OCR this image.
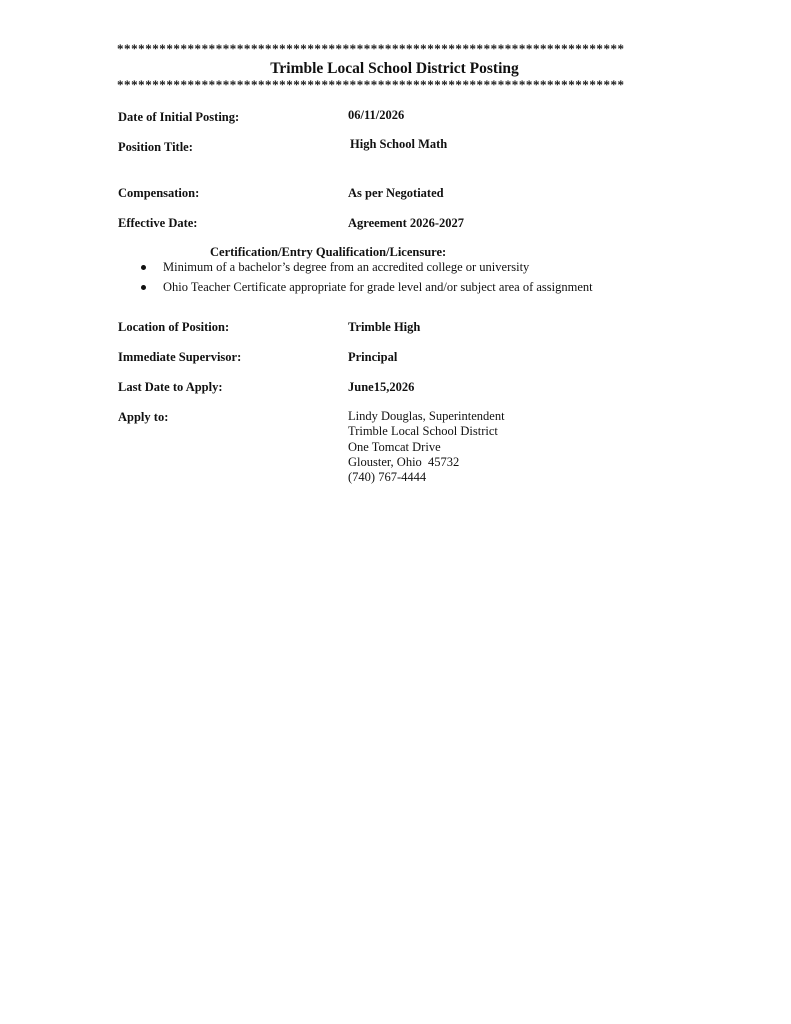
************************************************************************
Trimble Local School District Posting
************************************************************************
Date of Initial Posting:	06/11/2026
Position Title:	High School Math
Compensation:	As per Negotiated
Effective Date:	Agreement 2026-2027
Certification/Entry Qualification/Licensure:
Minimum of a bachelor’s degree from an accredited college or university
Ohio Teacher Certificate appropriate for grade level and/or subject area of assignment
Location of Position:	Trimble High
Immediate Supervisor:	Principal
Last Date to Apply:	June15,2026
Apply to:	Lindy Douglas, Superintendent
Trimble Local School District
One Tomcat Drive
Glouster, Ohio  45732
(740) 767-4444
